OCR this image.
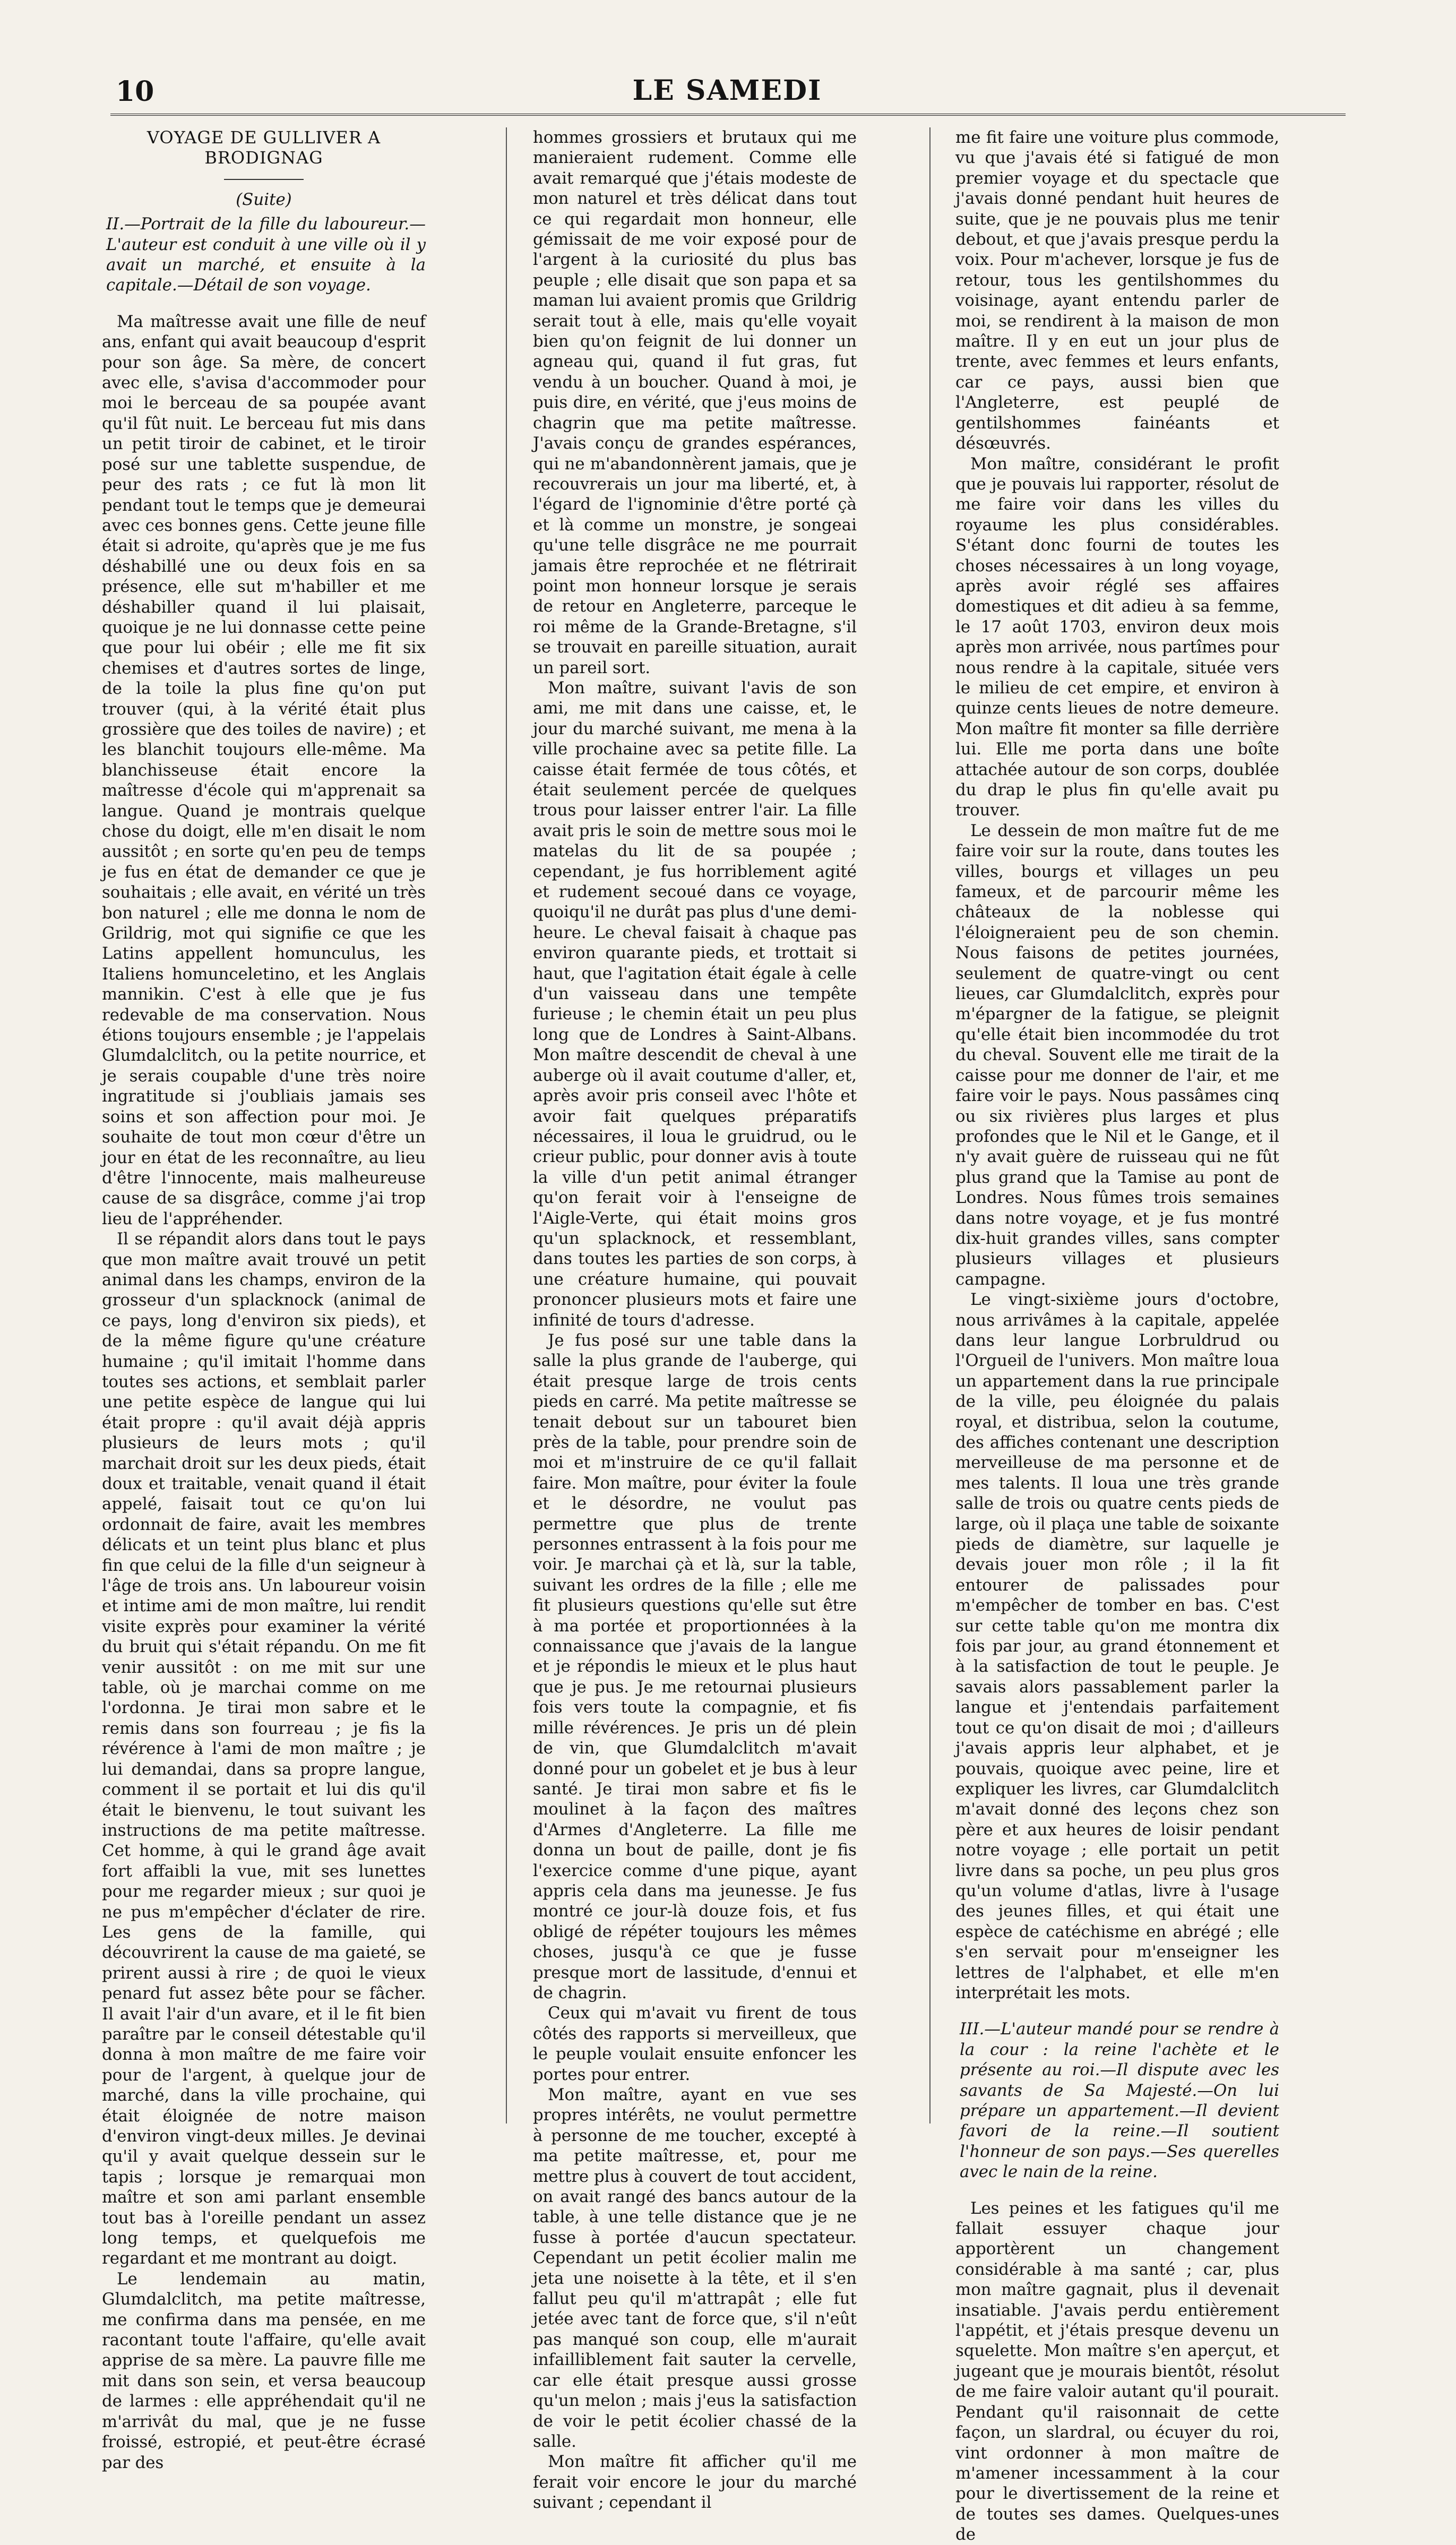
10	LE SAMEDI
VOYAGE DE GULLIVER A BRODIGNAG
(Suite)
II.—Portrait de la fille du laboureur.—L'auteur est conduit à une ville où il y avait un marché, et ensuite à la capitale.—Détail de son voyage.

Ma maîtresse avait une fille de neuf ans, enfant qui avait beaucoup d'esprit pour son âge. Sa mère, de concert avec elle, s'avisa d'accommoder pour moi le berceau de sa poupée avant qu'il fût nuit. Le berceau fut mis dans un petit tiroir de cabinet, et le tiroir posé sur une tablette suspendue, de peur des rats ; ce fut là mon lit pendant tout le temps que je demeurai avec ces bonnes gens. Cette jeune fille était si adroite, qu'après que je me fus déshabillé une ou deux fois en sa présence, elle sut m'habiller et me déshabiller quand il lui plaisait, quoique je ne lui donnasse cette peine que pour lui obéir ; elle me fit six chemises et d'autres sortes de linge, de la toile la plus fine qu'on put trouver (qui, à la vérité était plus grossière que des toiles de navire) ; et les blanchit toujours elle-même. Ma blanchisseuse était encore la maîtresse d'école qui m'apprenait sa langue. Quand je montrais quelque chose du doigt, elle m'en disait le nom aussitôt ; en sorte qu'en peu de temps je fus en état de demander ce que je souhaitais ; elle avait, en vérité un très bon naturel ; elle me donna le nom de Grildrig, mot qui signifie ce que les Latins appellent homunculus, les Italiens homunceletino, et les Anglais mannikin. C'est à elle que je fus redevable de ma conservation. Nous étions toujours ensemble ; je l'appelais Glumdalclitch, ou la petite nourrice, et je serais coupable d'une très noire ingratitude si j'oubliais jamais ses soins et son affection pour moi. Je souhaite de tout mon cœur d'être un jour en état de les reconnaître, au lieu d'être l'innocente, mais malheureuse cause de sa disgrâce, comme j'ai trop lieu de l'appréhender.

Il se répandit alors dans tout le pays que mon maître avait trouvé un petit animal dans les champs, environ de la grosseur d'un splacknock (animal de ce pays, long d'environ six pieds), et de la même figure qu'une créature humaine ; qu'il imitait l'homme dans toutes ses actions, et semblait parler une petite espèce de langue qui lui était propre : qu'il avait déjà appris plusieurs de leurs mots ; qu'il marchait droit sur les deux pieds, était doux et traitable, venait quand il était appelé, faisait tout ce qu'on lui ordonnait de faire, avait les membres délicats et un teint plus blanc et plus fin que celui de la fille d'un seigneur à l'âge de trois ans. Un laboureur voisin et intime ami de mon maître, lui rendit visite exprès pour examiner la vérité du bruit qui s'était répandu. On me fit venir aussitôt : on me mit sur une table, où je marchai comme on me l'ordonna. Je tirai mon sabre et le remis dans son fourreau ; je fis la révérence à l'ami de mon maître ; je lui demandai, dans sa propre langue, comment il se portait et lui dis qu'il était le bienvenu, le tout suivant les instructions de ma petite maîtresse. Cet homme, à qui le grand âge avait fort affaibli la vue, mit ses lunettes pour me regarder mieux ; sur quoi je ne pus m'empêcher d'éclater de rire. Les gens de la famille, qui découvrirent la cause de ma gaieté, se prirent aussi à rire ; de quoi le vieux penard fut assez bête pour se fâcher. Il avait l'air d'un avare, et il le fit bien paraître par le conseil détestable qu'il donna à mon maître de me faire voir pour de l'argent, à quelque jour de marché, dans la ville prochaine, qui était éloignée de notre maison d'environ vingt-deux milles. Je devinai qu'il y avait quelque dessein sur le tapis ; lorsque je remarquai mon maître et son ami parlant ensemble tout bas à l'oreille pendant un assez long temps, et quelquefois me regardant et me montrant au doigt.

Le lendemain au matin, Glumdalclitch, ma petite maîtresse, me confirma dans ma pensée, en me racontant toute l'affaire, qu'elle avait apprise de sa mère. La pauvre fille me mit dans son sein, et versa beaucoup de larmes : elle appréhendait qu'il ne m'arrivât du mal, que je ne fusse froissé, estropié, et peut-être écrasé par des

hommes grossiers et brutaux qui me manieraient rudement. Comme elle avait remarqué que j'étais modeste de mon naturel et très délicat dans tout ce qui regardait mon honneur, elle gémissait de me voir exposé pour de l'argent à la curiosité du plus bas peuple ; elle disait que son papa et sa maman lui avaient promis que Grildrig serait tout à elle, mais qu'elle voyait bien qu'on feignit de lui donner un agneau qui, quand il fut gras, fut vendu à un boucher. Quand à moi, je puis dire, en vérité, que j'eus moins de chagrin que ma petite maîtresse. J'avais conçu de grandes espérances, qui ne m'abandonnèrent jamais, que je recouvrerais un jour ma liberté, et, à l'égard de l'ignominie d'être porté çà et là comme un monstre, je songeai qu'une telle disgrâce ne me pourrait jamais être reprochée et ne flétrirait point mon honneur lorsque je serais de retour en Angleterre, parceque le roi même de la Grande-Bretagne, s'il se trouvait en pareille situation, aurait un pareil sort.

Mon maître, suivant l'avis de son ami, me mit dans une caisse, et, le jour du marché suivant, me mena à la ville prochaine avec sa petite fille. La caisse était fermée de tous côtés, et était seulement percée de quelques trous pour laisser entrer l'air. La fille avait pris le soin de mettre sous moi le matelas du lit de sa poupée ; cependant, je fus horriblement agité et rudement secoué dans ce voyage, quoiqu'il ne durât pas plus d'une demi-heure. Le cheval faisait à chaque pas environ quarante pieds, et trottait si haut, que l'agitation était égale à celle d'un vaisseau dans une tempête furieuse ; le chemin était un peu plus long que de Londres à Saint-Albans. Mon maître descendit de cheval à une auberge où il avait coutume d'aller, et, après avoir pris conseil avec l'hôte et avoir fait quelques préparatifs nécessaires, il loua le gruidrud, ou le crieur public, pour donner avis à toute la ville d'un petit animal étranger qu'on ferait voir à l'enseigne de l'Aigle-Verte, qui était moins gros qu'un splacknock, et ressemblant, dans toutes les parties de son corps, à une créature humaine, qui pouvait prononcer plusieurs mots et faire une infinité de tours d'adresse.

Je fus posé sur une table dans la salle la plus grande de l'auberge, qui était presque large de trois cents pieds en carré. Ma petite maîtresse se tenait debout sur un tabouret bien près de la table, pour prendre soin de moi et m'instruire de ce qu'il fallait faire. Mon maître, pour éviter la foule et le désordre, ne voulut pas permettre que plus de trente personnes entrassent à la fois pour me voir. Je marchai çà et là, sur la table, suivant les ordres de la fille ; elle me fit plusieurs questions qu'elle sut être à ma portée et proportionnées à la connaissance que j'avais de la langue et je répondis le mieux et le plus haut que je pus. Je me retournai plusieurs fois vers toute la compagnie, et fis mille révérences. Je pris un dé plein de vin, que Glumdalclitch m'avait donné pour un gobelet et je bus à leur santé. Je tirai mon sabre et fis le moulinet à la façon des maîtres d'Armes d'Angleterre. La fille me donna un bout de paille, dont je fis l'exercice comme d'une pique, ayant appris cela dans ma jeunesse. Je fus montré ce jour-là douze fois, et fus obligé de répéter toujours les mêmes choses, jusqu'à ce que je fusse presque mort de lassitude, d'ennui et de chagrin.

Ceux qui m'avait vu firent de tous côtés des rapports si merveilleux, que le peuple voulait ensuite enfoncer les portes pour entrer.

Mon maître, ayant en vue ses propres intérêts, ne voulut permettre à personne de me toucher, excepté à ma petite maîtresse, et, pour me mettre plus à couvert de tout accident, on avait rangé des bancs autour de la table, à une telle distance que je ne fusse à portée d'aucun spectateur. Cependant un petit écolier malin me jeta une noisette à la tête, et il s'en fallut peu qu'il m'attrapât ; elle fut jetée avec tant de force que, s'il n'eût pas manqué son coup, elle m'aurait infailliblement fait sauter la cervelle, car elle était presque aussi grosse qu'un melon ; mais j'eus la satisfaction de voir le petit écolier chassé de la salle.

Mon maître fit afficher qu'il me ferait voir encore le jour du marché suivant ; cependant il

me fit faire une voiture plus commode, vu que j'avais été si fatigué de mon premier voyage et du spectacle que j'avais donné pendant huit heures de suite, que je ne pouvais plus me tenir debout, et que j'avais presque perdu la voix. Pour m'achever, lorsque je fus de retour, tous les gentilshommes du voisinage, ayant entendu parler de moi, se rendirent à la maison de mon maître. Il y en eut un jour plus de trente, avec femmes et leurs enfants, car ce pays, aussi bien que l'Angleterre, est peuplé de gentilshommes fainéants et désœuvrés.

Mon maître, considérant le profit que je pouvais lui rapporter, résolut de me faire voir dans les villes du royaume les plus considérables. S'étant donc fourni de toutes les choses nécessaires à un long voyage, après avoir réglé ses affaires domestiques et dit adieu à sa femme, le 17 août 1703, environ deux mois après mon arrivée, nous partîmes pour nous rendre à la capitale, située vers le milieu de cet empire, et environ à quinze cents lieues de notre demeure. Mon maître fit monter sa fille derrière lui. Elle me porta dans une boîte attachée autour de son corps, doublée du drap le plus fin qu'elle avait pu trouver.

Le dessein de mon maître fut de me faire voir sur la route, dans toutes les villes, bourgs et villages un peu fameux, et de parcourir même les châteaux de la noblesse qui l'éloigneraient peu de son chemin. Nous faisons de petites journées, seulement de quatre-vingt ou cent lieues, car Glumdalclitch, exprès pour m'épargner de la fatigue, se pleignit qu'elle était bien incommodée du trot du cheval. Souvent elle me tirait de la caisse pour me donner de l'air, et me faire voir le pays. Nous passâmes cinq ou six rivières plus larges et plus profondes que le Nil et le Gange, et il n'y avait guère de ruisseau qui ne fût plus grand que la Tamise au pont de Londres. Nous fûmes trois semaines dans notre voyage, et je fus montré dix-huit grandes villes, sans compter plusieurs villages et plusieurs campagne.

Le vingt-sixième jours d'octobre, nous arrivâmes à la capitale, appelée dans leur langue Lorbruldrud ou l'Orgueil de l'univers. Mon maître loua un appartement dans la rue principale de la ville, peu éloignée du palais royal, et distribua, selon la coutume, des affiches contenant une description merveilleuse de ma personne et de mes talents. Il loua une très grande salle de trois ou quatre cents pieds de large, où il plaça une table de soixante pieds de diamètre, sur laquelle je devais jouer mon rôle ; il la fit entourer de palissades pour m'empêcher de tomber en bas. C'est sur cette table qu'on me montra dix fois par jour, au grand étonnement et à la satisfaction de tout le peuple. Je savais alors passablement parler la langue et j'entendais parfaitement tout ce qu'on disait de moi ; d'ailleurs j'avais appris leur alphabet, et je pouvais, quoique avec peine, lire et expliquer les livres, car Glumdalclitch m'avait donné des leçons chez son père et aux heures de loisir pendant notre voyage ; elle portait un petit livre dans sa poche, un peu plus gros qu'un volume d'atlas, livre à l'usage des jeunes filles, et qui était une espèce de catéchisme en abrégé ; elle s'en servait pour m'enseigner les lettres de l'alphabet, et elle m'en interprétait les mots.

III.—L'auteur mandé pour se rendre à la cour : la reine l'achète et le présente au roi.—Il dispute avec les savants de Sa Majesté.—On lui prépare un appartement.—Il devient favori de la reine.—Il soutient l'honneur de son pays.—Ses querelles avec le nain de la reine.

Les peines et les fatigues qu'il me fallait essuyer chaque jour apportèrent un changement considérable à ma santé ; car, plus mon maître gagnait, plus il devenait insatiable. J'avais perdu entièrement l'appétit, et j'étais presque devenu un squelette. Mon maître s'en aperçut, et jugeant que je mourais bientôt, résolut de me faire valoir autant qu'il pourait. Pendant qu'il raisonnait de cette façon, un slardral, ou écuyer du roi, vint ordonner à mon maître de m'amener incessamment à la cour pour le divertissement de la reine et de toutes ses dames. Quelques-unes de
